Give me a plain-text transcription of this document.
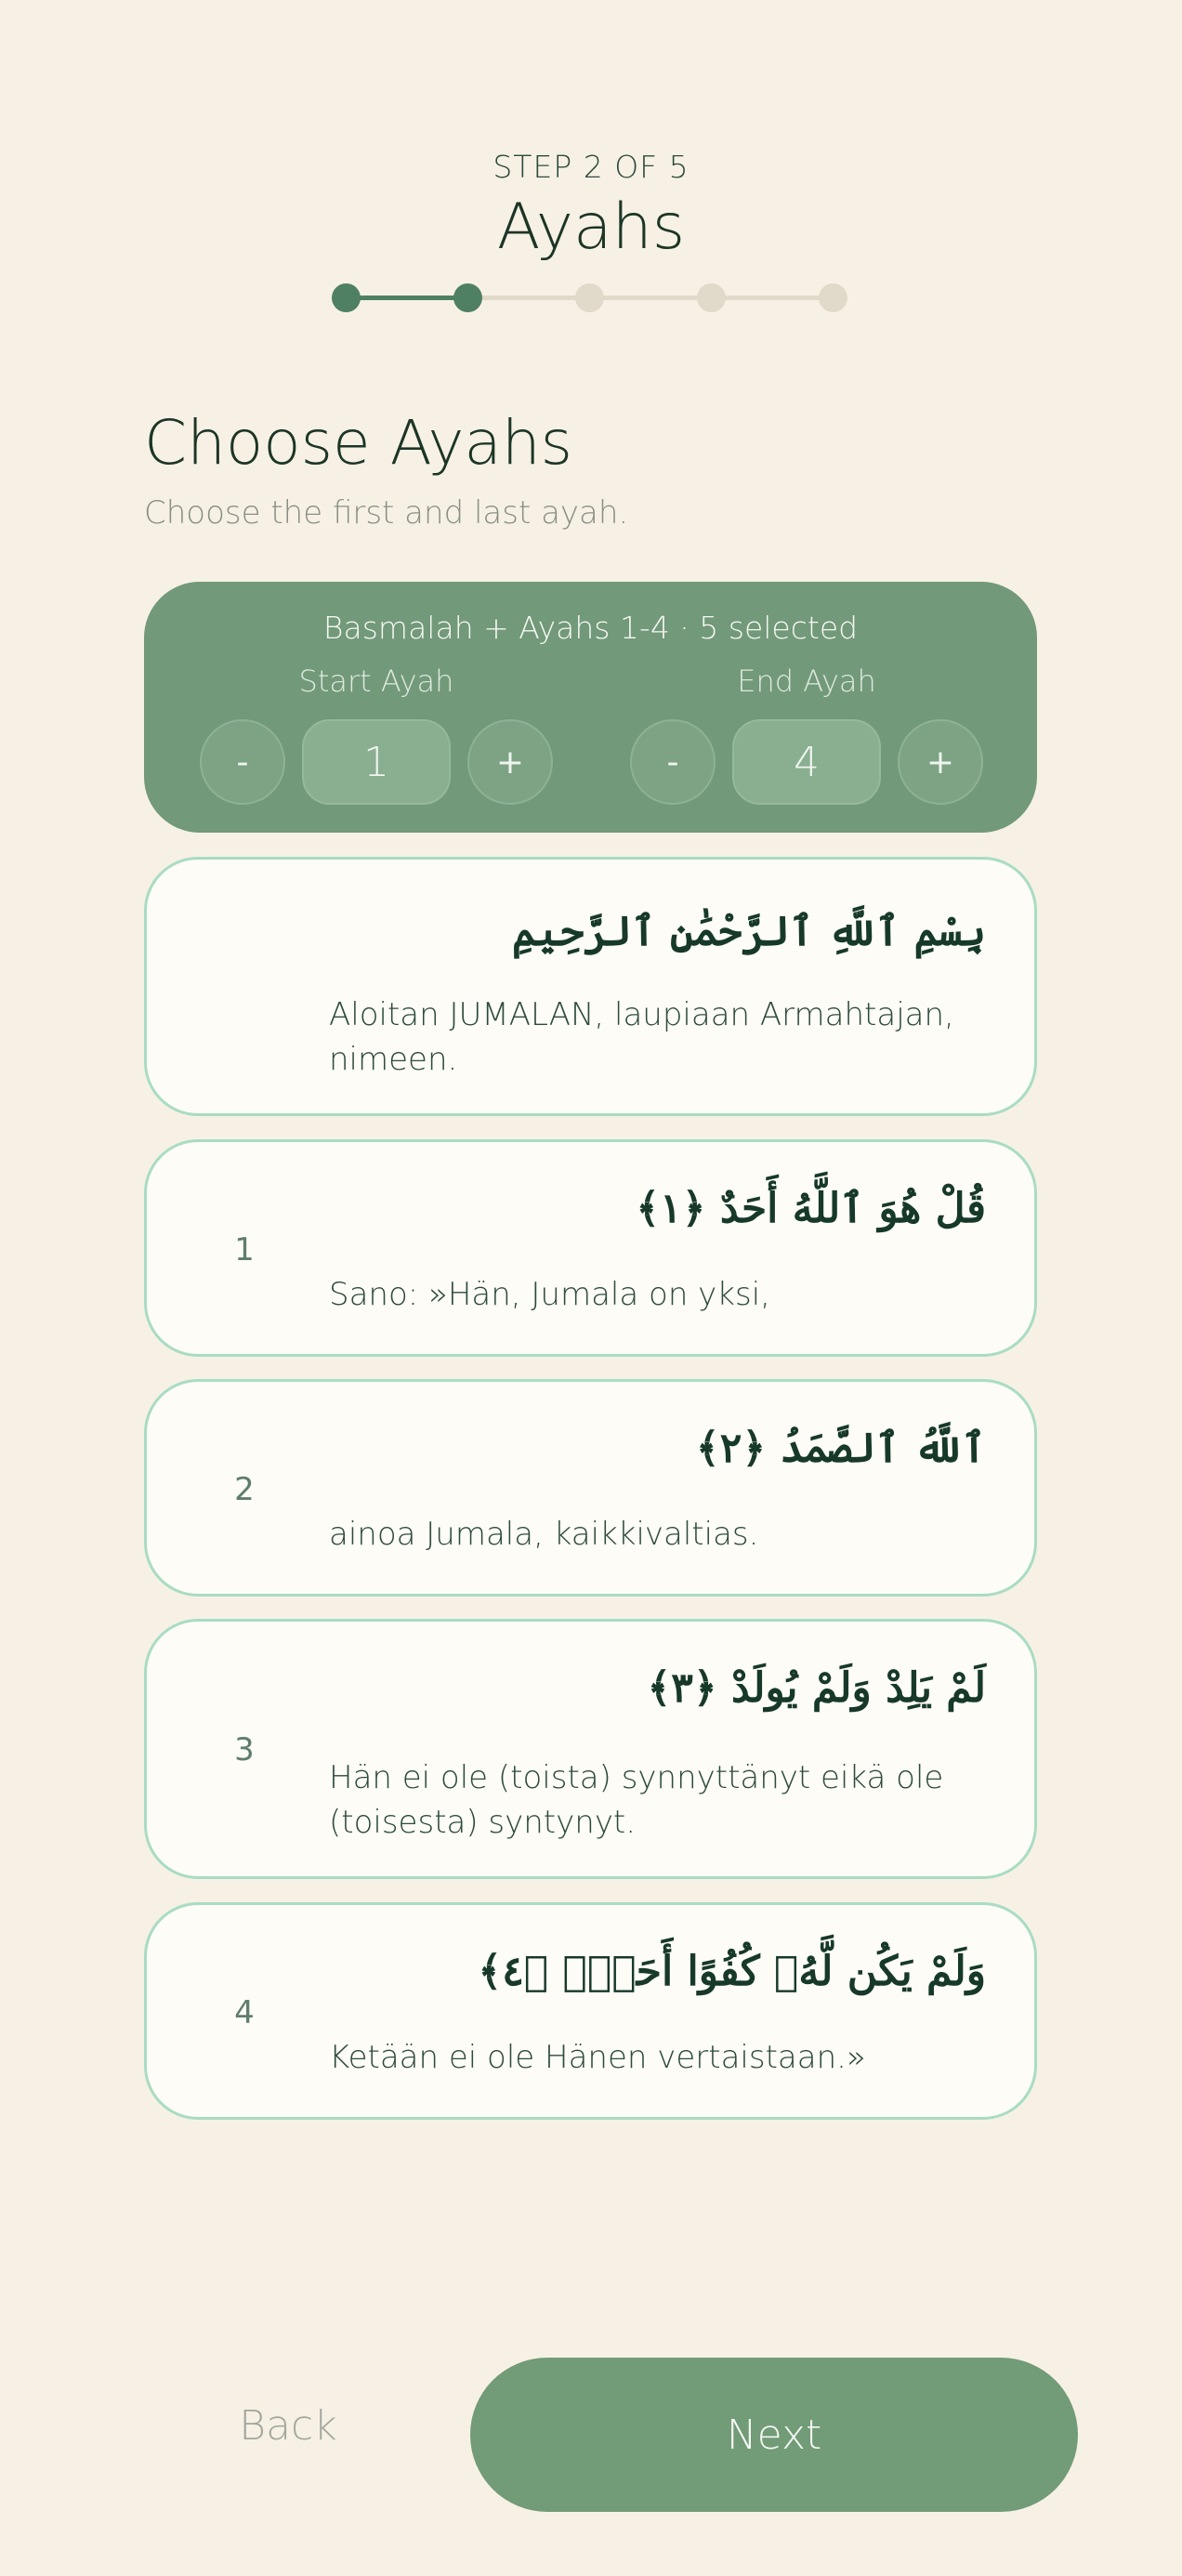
STEP 2 OF 5
Ayahs
Choose Ayahs
Choose the first and last ayah.
Basmalah + Ayahs 1-4 · 5 selected
Start Ayah
-	1	+
End Ayah
-	4	+
بِسْمِ ٱللَّهِ ٱلرَّحْمَٰنِ ٱلرَّحِيمِ
Aloitan JUMALAN, laupiaan Armahtajan, nimeen.
1
قُلْ هُوَ ٱللَّهُ أَحَدٌ ﴿١﴾
Sano: »Hän, Jumala on yksi,
2
ٱللَّهُ ٱلصَّمَدُ ﴿٢﴾
ainoa Jumala, kaikkivaltias.
3
لَمْ يَلِدْ وَلَمْ يُولَدْ ﴿٣﴾
Hän ei ole (toista) synnyttänyt eikä ole (toisesta) syntynyt.
4
وَلَمْ يَكُن لَّهُۥ كُفُوًا أَحَدٌۢ ﴿٤﴾
Ketään ei ole Hänen vertaistaan.»
Back	Next
